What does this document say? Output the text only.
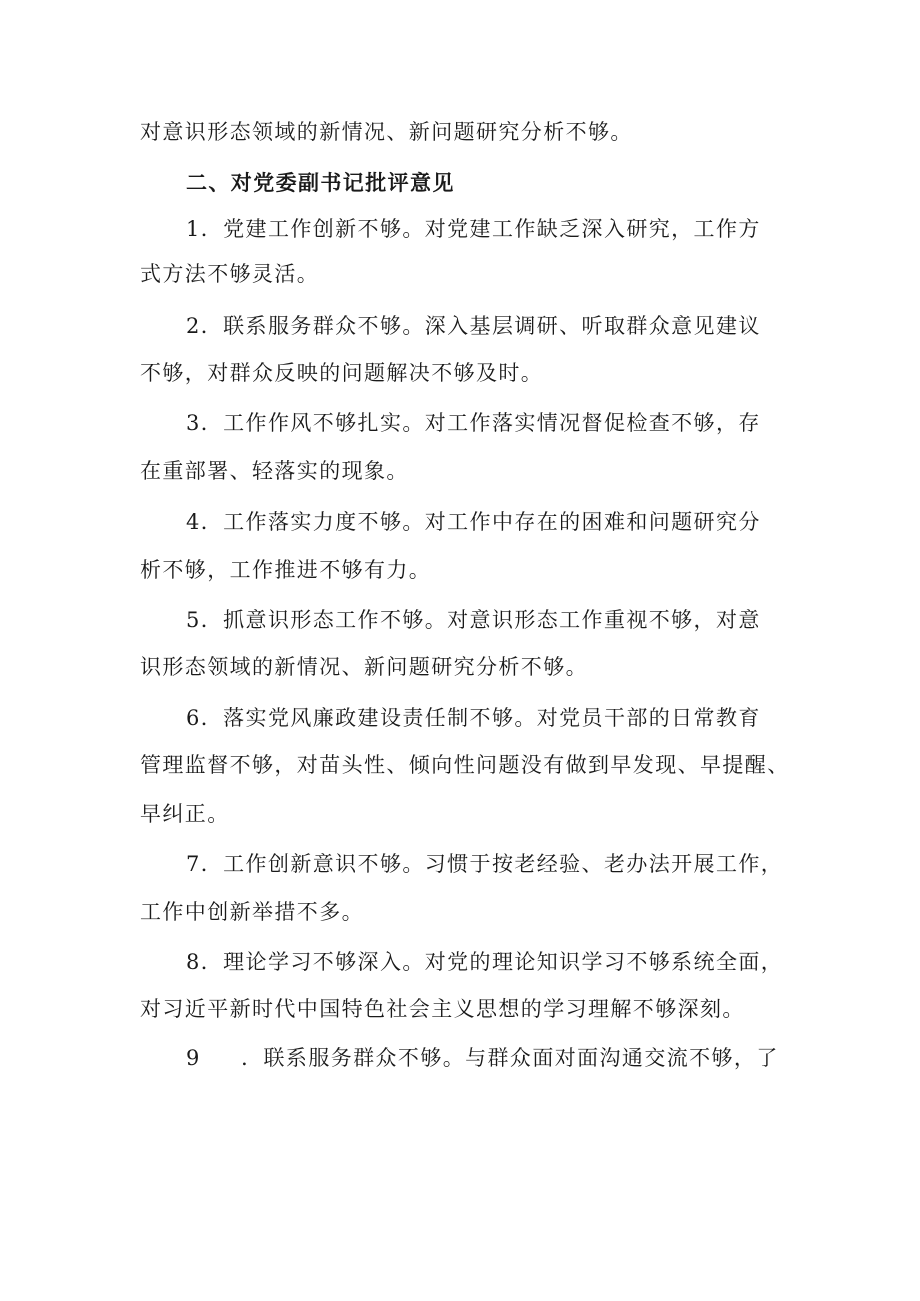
对意识形态领域的新情况、新问题研究分析不够。
二、对党委副书记批评意见
1．党建工作创新不够。对党建工作缺乏深入研究，工作方
式方法不够灵活。
2．联系服务群众不够。深入基层调研、听取群众意见建议
不够，对群众反映的问题解决不够及时。
3．工作作风不够扎实。对工作落实情况督促检查不够，存
在重部署、轻落实的现象。
4．工作落实力度不够。对工作中存在的困难和问题研究分
析不够，工作推进不够有力。
5．抓意识形态工作不够。对意识形态工作重视不够，对意
识形态领域的新情况、新问题研究分析不够。
6．落实党风廉政建设责任制不够。对党员干部的日常教育
管理监督不够，对苗头性、倾向性问题没有做到早发现、早提醒、
早纠正。
7．工作创新意识不够。习惯于按老经验、老办法开展工作，
工作中创新举措不多。
8．理论学习不够深入。对党的理论知识学习不够系统全面，
对习近平新时代中国特色社会主义思想的学习理解不够深刻。
9     ．联系服务群众不够。与群众面对面沟通交流不够，了
